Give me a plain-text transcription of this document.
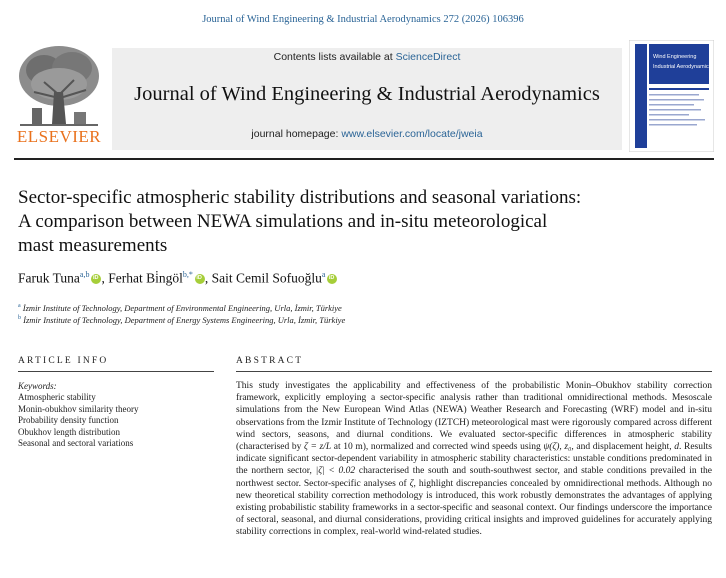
Journal of Wind Engineering & Industrial Aerodynamics 272 (2026) 106396
ELSEVIER
Contents lists available at ScienceDirect
Journal of Wind Engineering & Industrial Aerodynamics
journal homepage: www.elsevier.com/locate/jweia
Wind Engineering
Industrial Aerodynamics
Sector-specific atmospheric stability distributions and seasonal variations:
A comparison between NEWA simulations and in-situ meteorological
mast measurements
Faruk Tuna$^{a,b}$ iD , Ferhat Bi̇ngöl$^{b,*}$ iD , Sait Cemil Sofuoğlu$^a$iD
$^a$ İzmir Institute of Technology, Department of Environmental Engineering, Urla, İzmir, Türkiye
$^b$ İzmir Institute of Technology, Department of Energy Systems Engineering, Urla, İzmir, Türkiye
ARTICLE INFO	ABSTRACT
Keywords:
Atmospheric stability
Monin-obukhov similarity theory
Probability density function
Obukhov length distribution
Seasonal and sectoral variations
This study investigates the applicability and effectiveness of the probabilistic Monin–Obukhov stability correction framework, explicitly employing a sector-specific analysis rather than traditional omnidirectional methods. Mesoscale simulations from the New European Wind Atlas (NEWA) Weather Research and Forecasting (WRF) model and in-situ observations from the Izmir Institute of Technology (IZTCH) meteorological mast were rigorously compared across different wind sectors, seasons, and diurnal conditions. We evaluated sector-specific differences in atmospheric stability (characterised by ζ = z/L at 10 m), normalized and corrected wind speeds using ψ(ζ), z₀, and displacement height, d. Results indicate significant sector-dependent variability in atmospheric stability characteristics: unstable conditions predominated in the northern sector, |ζ| < 0.02 characterised the south and south-southwest sector, and stable conditions prevailed in the northwest sector. Sector-specific analyses of ζ, highlight discrepancies concealed by omnidirectional methods. Although no new theoretical stability correction methodology is introduced, this work robustly demonstrates the advantages of applying existing probabilistic stability frameworks in a sector-specific and seasonal context. Our findings underscore the importance of sectoral, seasonal, and diurnal considerations, providing critical insights and improved guidelines for accurately applying stability corrections in complex, real-world wind-related studies.
